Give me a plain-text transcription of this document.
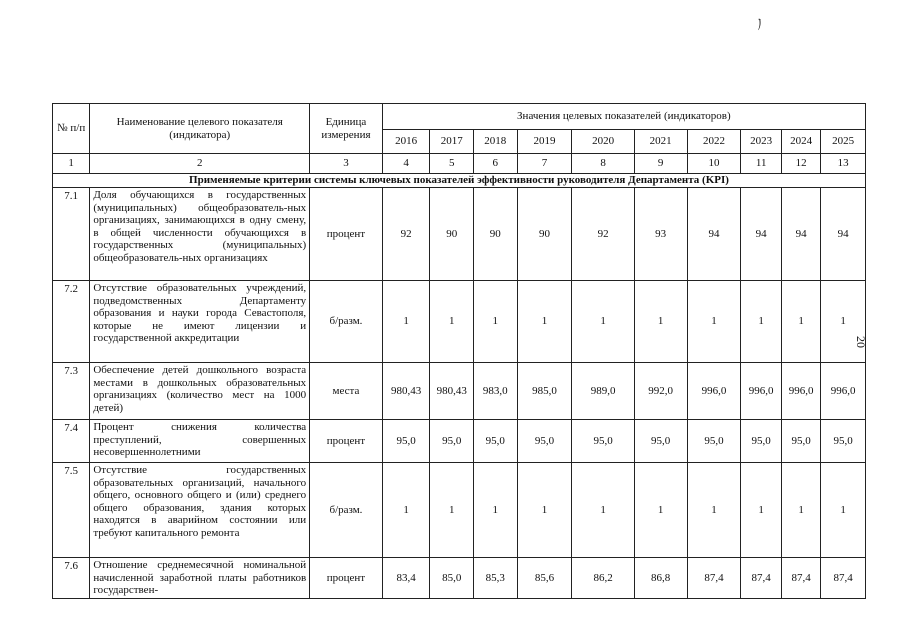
ﾉ
20
№ п/п	Наименование целевого показателя (индикатора)	Единица измерения	Значения целевых показателей (индикаторов)									
			2016	2017	2018	2019	2020	2021	2022	2023	2024	2025
1	2	3	4	5	6	7	8	9	10	11	12	13
Применяемые критерии системы ключевых показателей эффективности руководителя Департамента (KPI)												
7.1	Доля обучающихся в государственных (муниципальных) общеобразователь-ных организациях, занимающихся в одну смену, в общей численности обучающихся в государственных (муниципальных) общеобразователь-ных организациях	процент	92	90	90	90	92	93	94	94	94	94
7.2	Отсутствие образовательных учреждений, подведомственных Департаменту образования и науки города Севастополя, которые не имеют лицензии и государственной аккредитации	б/разм.	1	1	1	1	1	1	1	1	1	1
7.3	Обеспечение детей дошкольного возраста местами в дошкольных образовательных организациях (количество мест на 1000 детей)	места	980,43	980,43	983,0	985,0	989,0	992,0	996,0	996,0	996,0	996,0
7.4	Процент снижения количества преступлений, совершенных несовершеннолетними	процент	95,0	95,0	95,0	95,0	95,0	95,0	95,0	95,0	95,0	95,0
7.5	Отсутствие государственных образовательных организаций, начального общего, основного общего и (или) среднего общего образования, здания которых находятся в аварийном состоянии или требуют капитального ремонта	б/разм.	1	1	1	1	1	1	1	1	1	1
7.6	Отношение среднемесячной номинальной начисленной заработной платы работников государствен-	процент	83,4	85,0	85,3	85,6	86,2	86,8	87,4	87,4	87,4	87,4
